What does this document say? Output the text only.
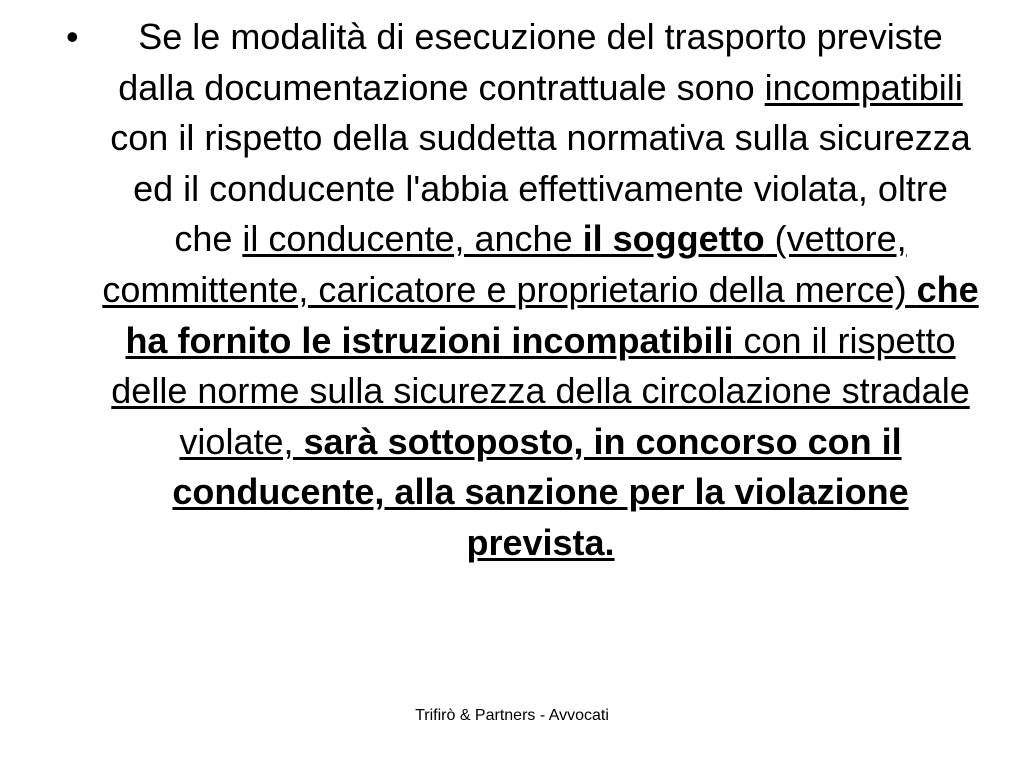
•	Se le modalità di esecuzione del trasporto previste dalla documentazione contrattuale sono incompatibili con il rispetto della suddetta normativa sulla sicurezza ed il conducente l'abbia effettivamente violata, oltre che il conducente, anche il soggetto (vettore, committente, caricatore e proprietario della merce) che ha fornito le istruzioni incompatibili con il rispetto delle norme sulla sicurezza della circolazione stradale violate, sarà sottoposto, in concorso con il conducente, alla sanzione per la violazione prevista.
Trifirò & Partners - Avvocati
